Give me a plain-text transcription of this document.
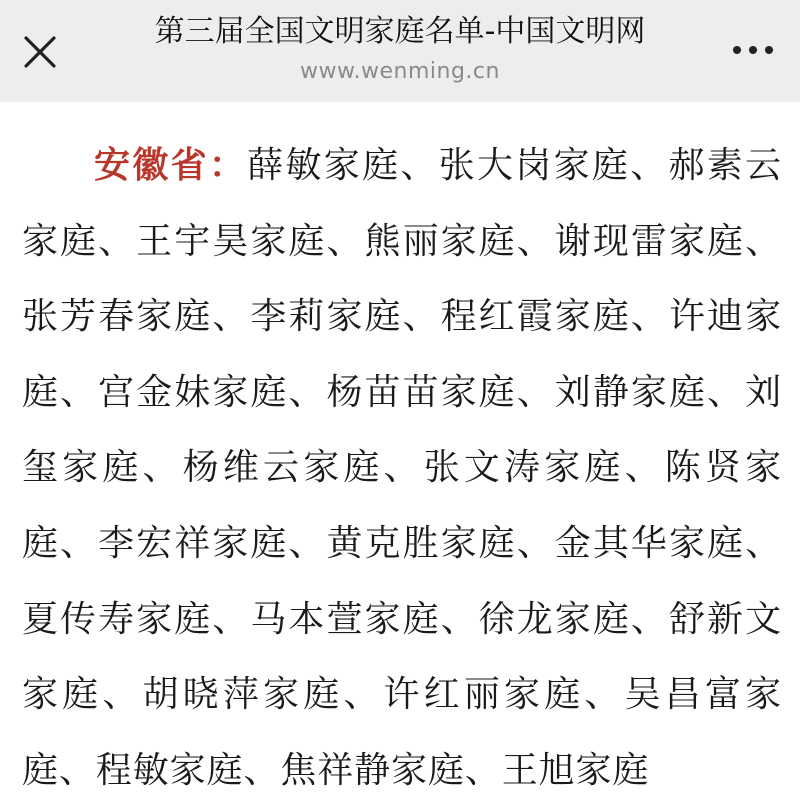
第三届全国文明家庭名单-中国文明网
www.wenming.cn

安徽省：薛敏家庭、张大岗家庭、郝素云家庭、王宇昊家庭、熊丽家庭、谢现雷家庭、张芳春家庭、李莉家庭、程红霞家庭、许迪家庭、宫金妹家庭、杨苗苗家庭、刘静家庭、刘玺家庭、杨维云家庭、张文涛家庭、陈贤家庭、李宏祥家庭、黄克胜家庭、金其华家庭、夏传寿家庭、马本萱家庭、徐龙家庭、舒新文家庭、胡晓萍家庭、许红丽家庭、吴昌富家庭、程敏家庭、焦祥静家庭、王旭家庭
